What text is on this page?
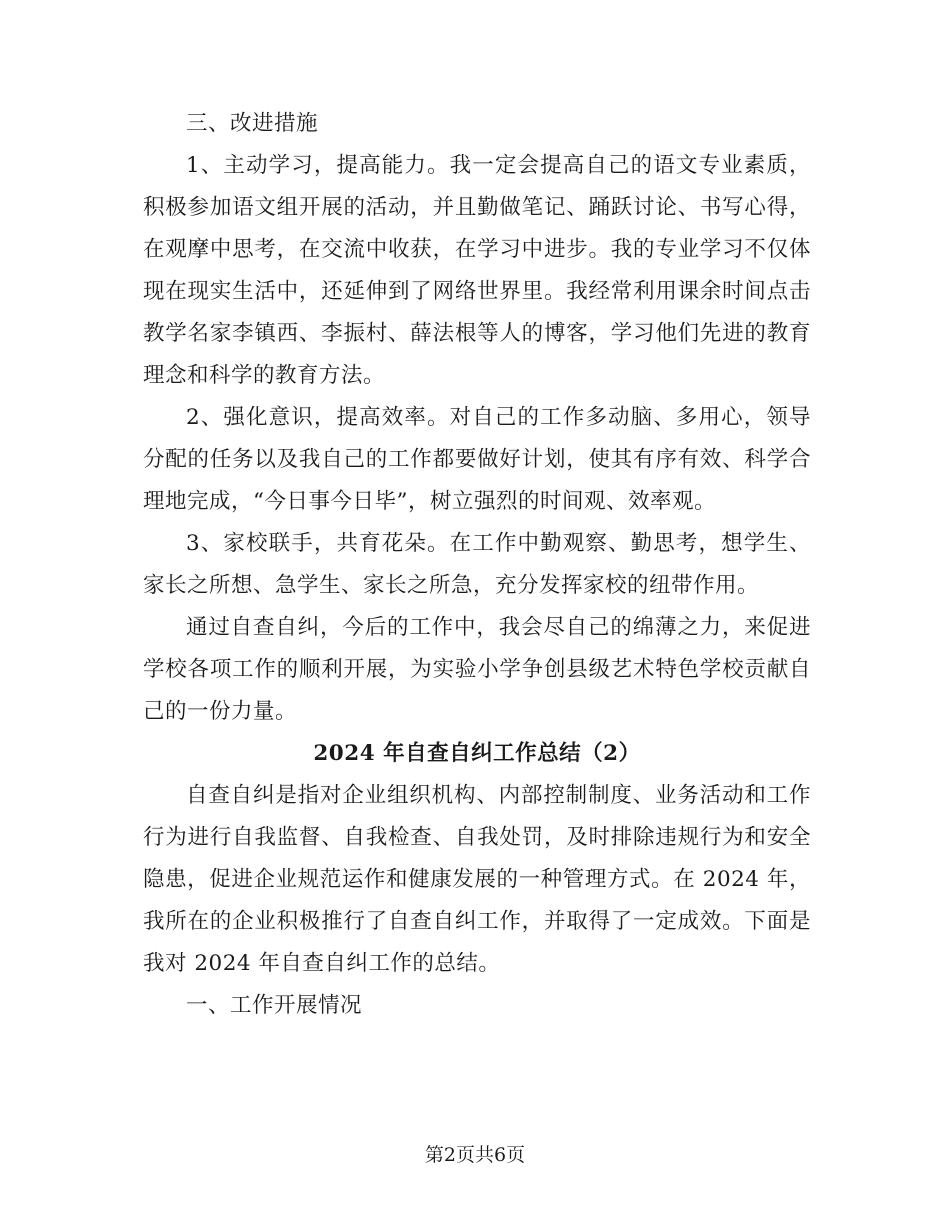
三、改进措施

1、主动学习，提高能力。我一定会提高自己的语文专业素质，积极参加语文组开展的活动，并且勤做笔记、踊跃讨论、书写心得，在观摩中思考，在交流中收获，在学习中进步。我的专业学习不仅体现在现实生活中，还延伸到了网络世界里。我经常利用课余时间点击教学名家李镇西、李振村、薛法根等人的博客，学习他们先进的教育理念和科学的教育方法。

2、强化意识，提高效率。对自己的工作多动脑、多用心，领导分配的任务以及我自己的工作都要做好计划，使其有序有效、科学合理地完成，“今日事今日毕”，树立强烈的时间观、效率观。

3、家校联手，共育花朵。在工作中勤观察、勤思考，想学生、家长之所想、急学生、家长之所急，充分发挥家校的纽带作用。

通过自查自纠，今后的工作中，我会尽自己的绵薄之力，来促进学校各项工作的顺利开展，为实验小学争创县级艺术特色学校贡献自己的一份力量。

2024 年自查自纠工作总结（2）

自查自纠是指对企业组织机构、内部控制制度、业务活动和工作行为进行自我监督、自我检查、自我处罚，及时排除违规行为和安全隐患，促进企业规范运作和健康发展的一种管理方式。在 2024 年，我所在的企业积极推行了自查自纠工作，并取得了一定成效。下面是我对 2024 年自查自纠工作的总结。

一、工作开展情况

第2页共6页
